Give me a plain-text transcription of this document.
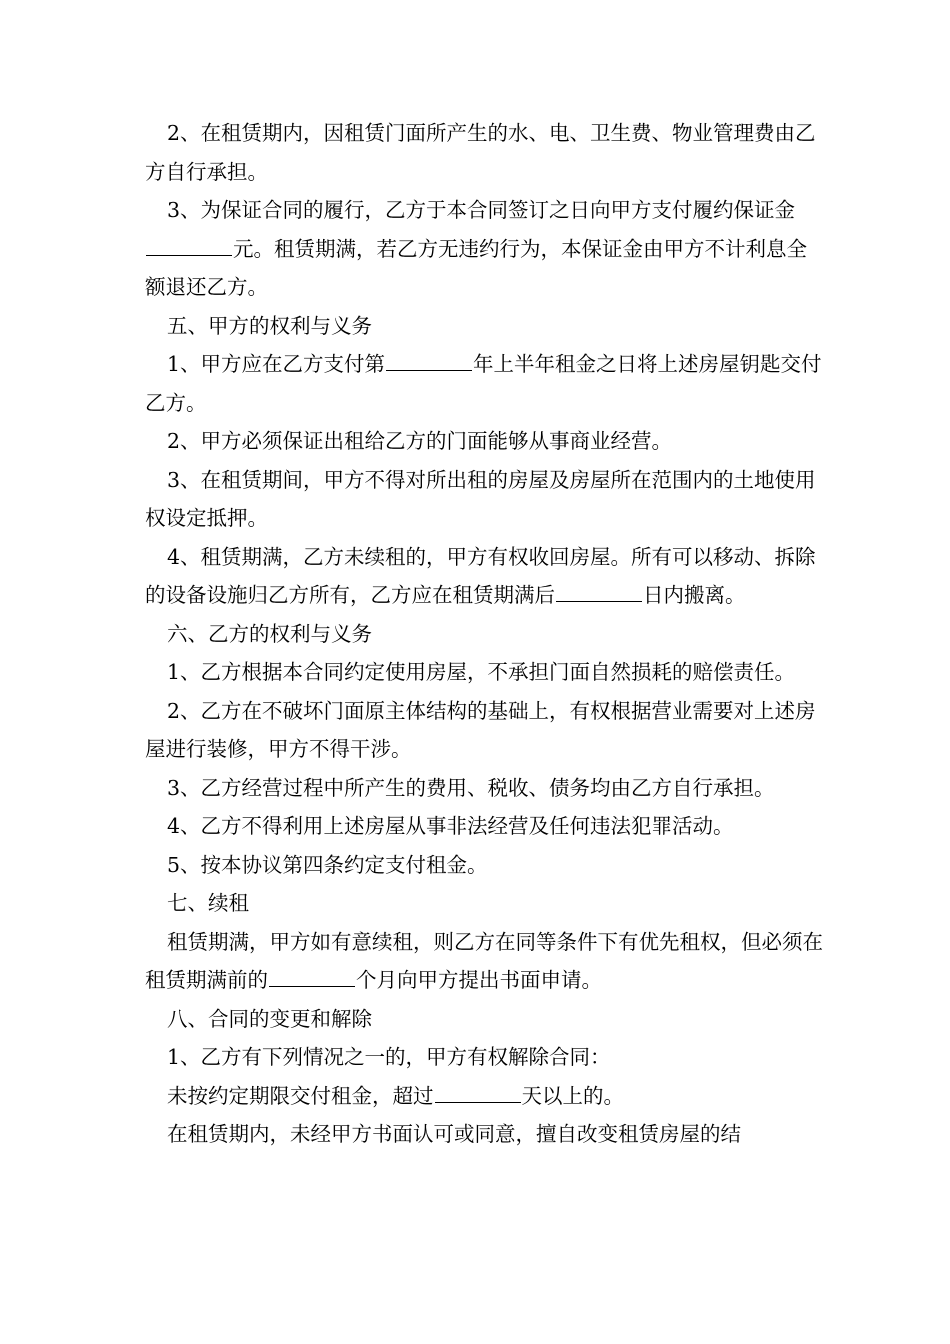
2、在租赁期内，因租赁门面所产生的水、电、卫生费、物业管理费由乙方自行承担。

3、为保证合同的履行，乙方于本合同签订之日向甲方支付履约保证金元。租赁期满，若乙方无违约行为，本保证金由甲方不计利息全额退还乙方。

五、甲方的权利与义务

1、甲方应在乙方支付第	年上半年租金之日将上述房屋钥匙交付乙方。

2、甲方必须保证出租给乙方的门面能够从事商业经营。

3、在租赁期间，甲方不得对所出租的房屋及房屋所在范围内的土地使用权设定抵押。

4、租赁期满，乙方未续租的，甲方有权收回房屋。所有可以移动、拆除的设备设施归乙方所有，乙方应在租赁期满后	日内搬离。

六、乙方的权利与义务

1、乙方根据本合同约定使用房屋，不承担门面自然损耗的赔偿责任。

2、乙方在不破坏门面原主体结构的基础上，有权根据营业需要对上述房屋进行装修，甲方不得干涉。

3、乙方经营过程中所产生的费用、税收、债务均由乙方自行承担。

4、乙方不得利用上述房屋从事非法经营及任何违法犯罪活动。

5、按本协议第四条约定支付租金。

七、续租

租赁期满，甲方如有意续租，则乙方在同等条件下有优先租权，但必须在租赁期满前的	个月向甲方提出书面申请。

八、合同的变更和解除

1、乙方有下列情况之一的，甲方有权解除合同：

未按约定期限交付租金，超过	天以上的。

在租赁期内，未经甲方书面认可或同意，擅自改变租赁房屋的结
